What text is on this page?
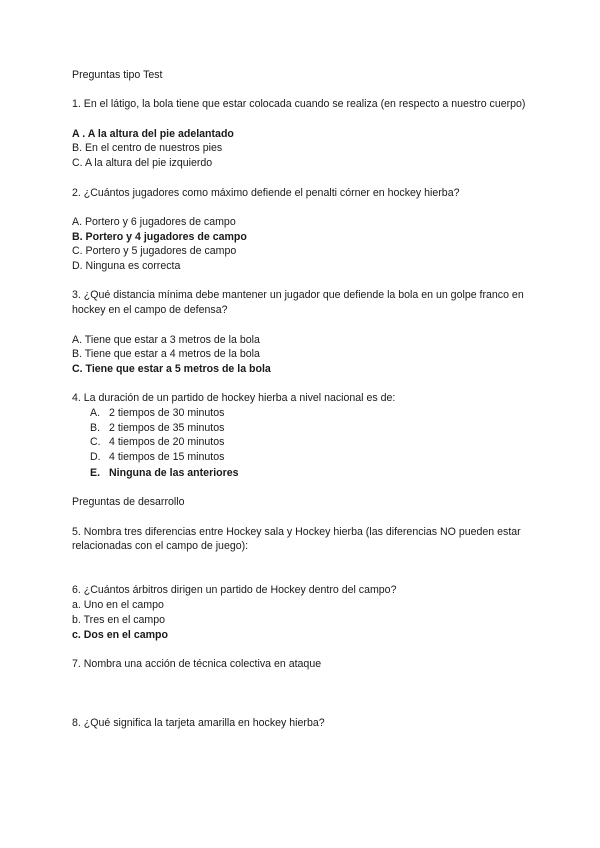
Preguntas tipo Test
1. En el látigo, la bola tiene que estar colocada cuando se realiza (en respecto a nuestro cuerpo)
A . A la altura del pie adelantado
B. En el centro de nuestros pies
C. A la altura del pie izquierdo
2. ¿Cuántos jugadores como máximo defiende el penalti córner en hockey hierba?
A. Portero y 6 jugadores de campo
B. Portero y 4 jugadores de campo
C. Portero y 5 jugadores de campo
D. Ninguna es correcta
3. ¿Qué distancia mínima debe mantener un jugador que defiende la bola en un golpe franco en hockey en el campo de defensa?
A. Tiene que estar a 3 metros de la bola
B. Tiene que estar a 4 metros de la bola
C. Tiene que estar a 5 metros de la bola
4. La duración de un partido de hockey hierba a nivel nacional es de:
A. 2 tiempos de 30 minutos
B. 2 tiempos de 35 minutos
C. 4 tiempos de 20 minutos
D. 4 tiempos de 15 minutos
E. Ninguna de las anteriores
Preguntas de desarrollo
5. Nombra tres diferencias entre Hockey sala y Hockey hierba (las diferencias NO pueden estar relacionadas con el campo de juego):
6. ¿Cuántos árbitros dirigen un partido de Hockey dentro del campo?
a. Uno en el campo
b. Tres en el campo
c. Dos en el campo
7. Nombra una acción de técnica colectiva en ataque
8. ¿Qué significa la tarjeta amarilla en hockey hierba?
